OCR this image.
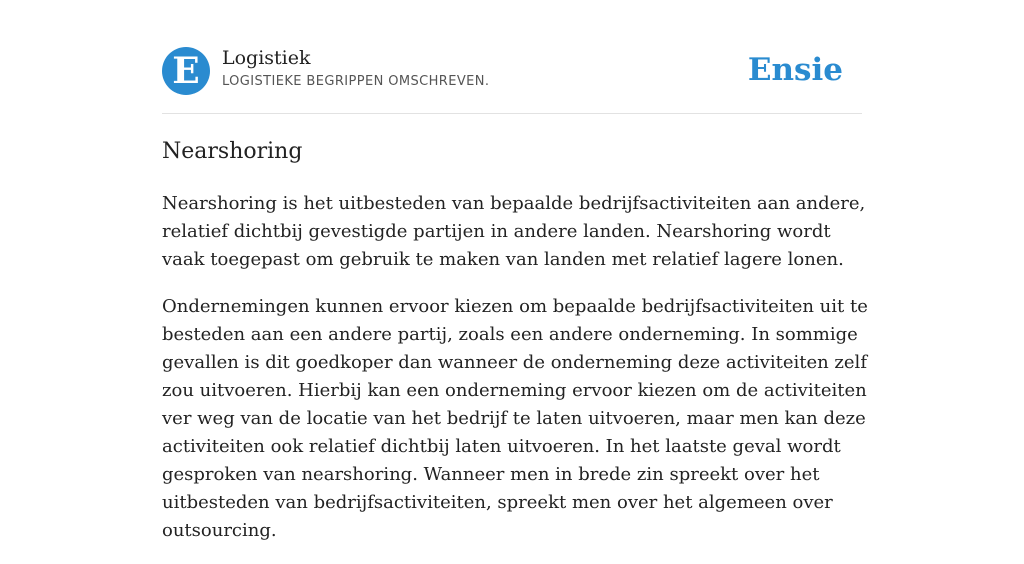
E	Logistiek
LOGISTIEKE BEGRIPPEN OMSCHREVEN.	Ensie
Nearshoring

Nearshoring is het uitbesteden van bepaalde bedrijfsactiviteiten aan andere, relatief dichtbij gevestigde partijen in andere landen. Nearshoring wordt vaak toegepast om gebruik te maken van landen met relatief lagere lonen.

Ondernemingen kunnen ervoor kiezen om bepaalde bedrijfsactiviteiten uit te besteden aan een andere partij, zoals een andere onderneming. In sommige gevallen is dit goedkoper dan wanneer de onderneming deze activiteiten zelf zou uitvoeren. Hierbij kan een onderneming ervoor kiezen om de activiteiten ver weg van de locatie van het bedrijf te laten uitvoeren, maar men kan deze activiteiten ook relatief dichtbij laten uitvoeren. In het laatste geval wordt gesproken van nearshoring. Wanneer men in brede zin spreekt over het uitbesteden van bedrijfsactiviteiten, spreekt men over het algemeen over outsourcing.
